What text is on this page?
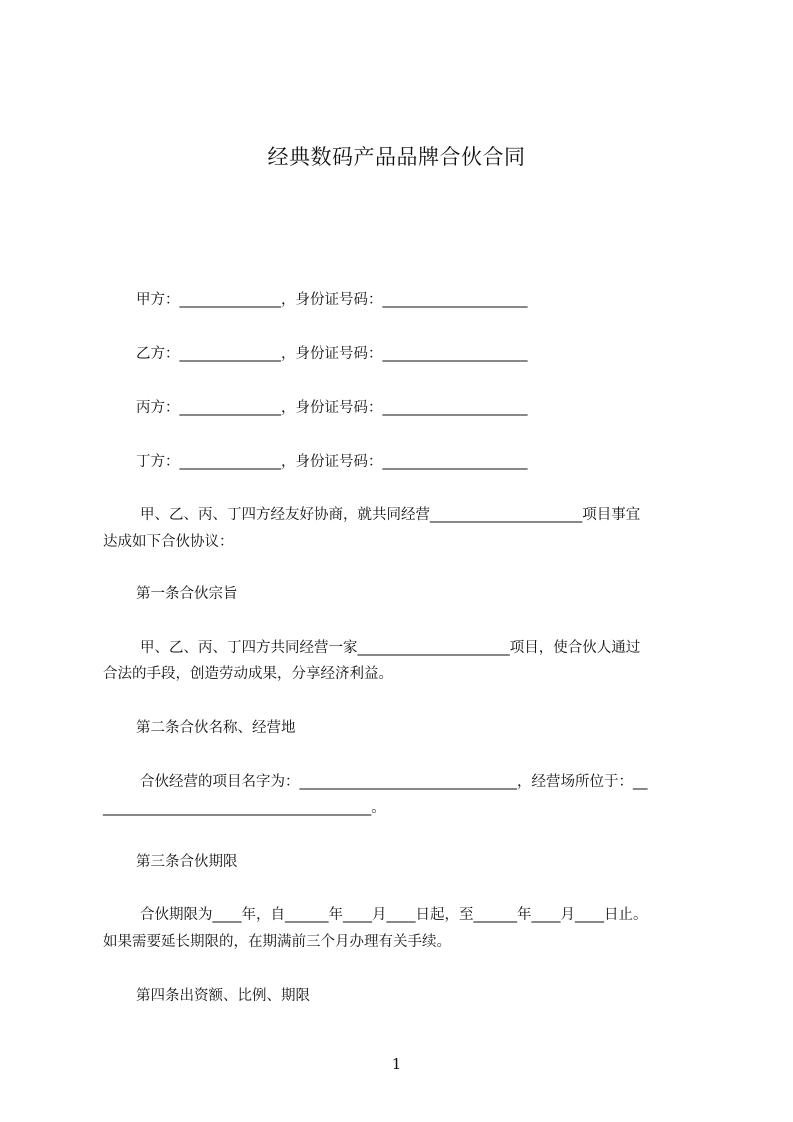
经典数码产品品牌合伙合同
甲方：______________，身份证号码：____________________
乙方：______________，身份证号码：____________________
丙方：______________，身份证号码：____________________
丁方：______________，身份证号码：____________________
甲、乙、丙、丁四方经友好协商，就共同经营_____________________项目事宜
达成如下合伙协议：
第一条合伙宗旨
甲、乙、丙、丁四方共同经营一家_____________________项目，使合伙人通过
合法的手段，创造劳动成果，分享经济利益。
第二条合伙名称、经营地
合伙经营的项目名字为：______________________________，经营场所位于：__
_____________________________________。
第三条合伙期限
合伙期限为____年，自______年____月____日起，至______年____月____日止。
如果需要延长期限的，在期满前三个月办理有关手续。
第四条出资额、比例、期限
1
